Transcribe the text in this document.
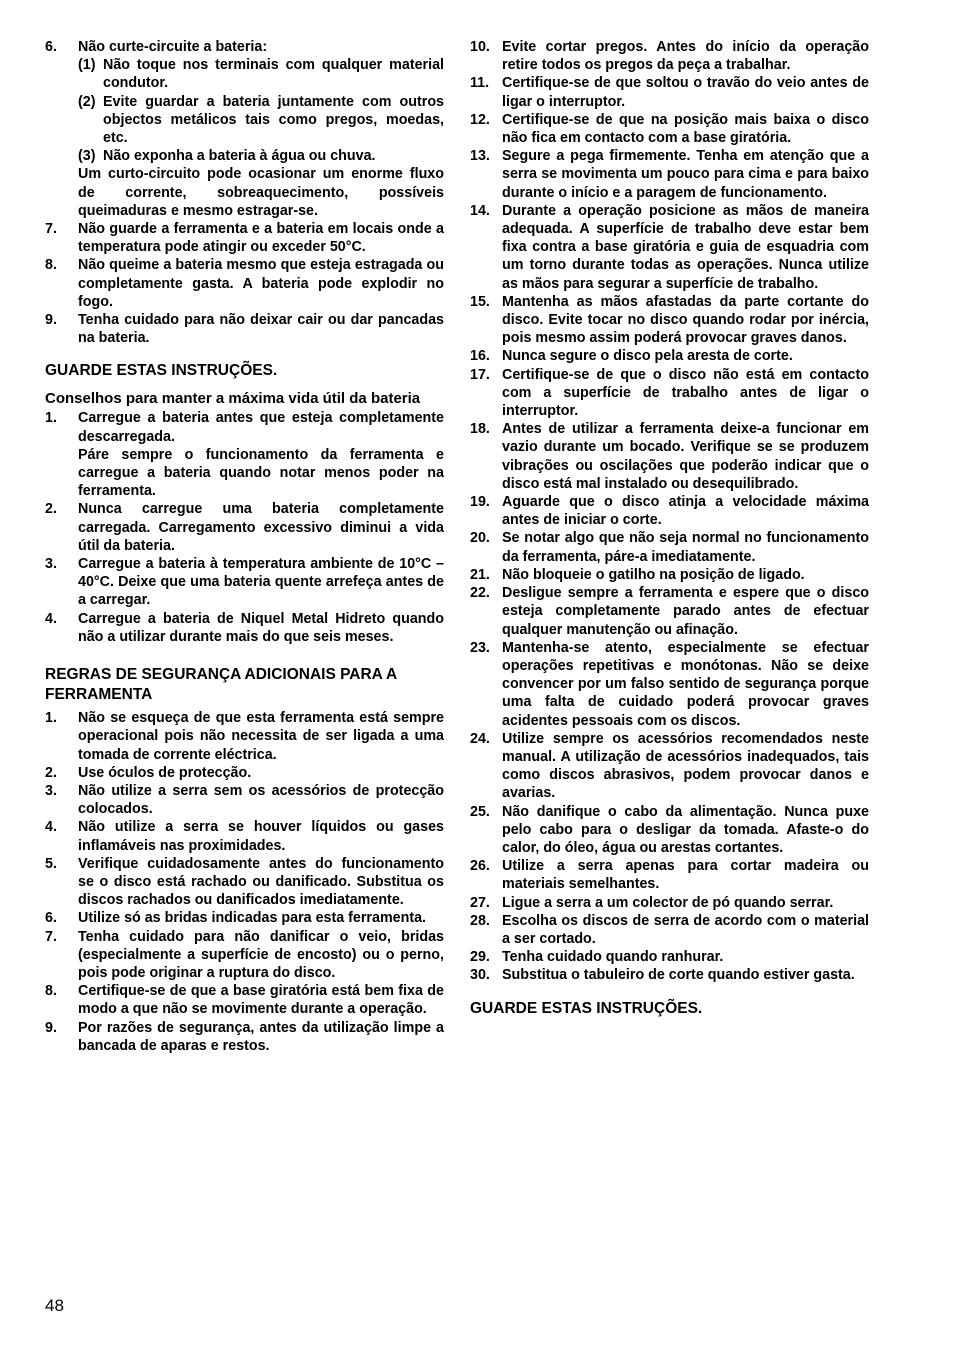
6. Não curte-circuite a bateria:
(1) Não toque nos terminais com qualquer material condutor.
(2) Evite guardar a bateria juntamente com outros objectos metálicos tais como pregos, moedas, etc.
(3) Não exponha a bateria à água ou chuva.
Um curto-circuito pode ocasionar um enorme fluxo de corrente, sobreaquecimento, possíveis queimaduras e mesmo estragar-se.
7. Não guarde a ferramenta e a bateria em locais onde a temperatura pode atingir ou exceder 50°C.
8. Não queime a bateria mesmo que esteja estragada ou completamente gasta. A bateria pode explodir no fogo.
9. Tenha cuidado para não deixar cair ou dar pancadas na bateria.
GUARDE ESTAS INSTRUÇÕES.
Conselhos para manter a máxima vida útil da bateria
1. Carregue a bateria antes que esteja completamente descarregada.
Páre sempre o funcionamento da ferramenta e carregue a bateria quando notar menos poder na ferramenta.
2. Nunca carregue uma bateria completamente carregada. Carregamento excessivo diminui a vida útil da bateria.
3. Carregue a bateria à temperatura ambiente de 10°C – 40°C. Deixe que uma bateria quente arrefeça antes de a carregar.
4. Carregue a bateria de Niquel Metal Hidreto quando não a utilizar durante mais do que seis meses.
REGRAS DE SEGURANÇA ADICIONAIS PARA A FERRAMENTA
1. Não se esqueça de que esta ferramenta está sempre operacional pois não necessita de ser ligada a uma tomada de corrente eléctrica.
2. Use óculos de protecção.
3. Não utilize a serra sem os acessórios de protecção colocados.
4. Não utilize a serra se houver líquidos ou gases inflamáveis nas proximidades.
5. Verifique cuidadosamente antes do funcionamento se o disco está rachado ou danificado. Substitua os discos rachados ou danificados imediatamente.
6. Utilize só as bridas indicadas para esta ferramenta.
7. Tenha cuidado para não danificar o veio, bridas (especialmente a superfície de encosto) ou o perno, pois pode originar a ruptura do disco.
8. Certifique-se de que a base giratória está bem fixa de modo a que não se movimente durante a operação.
9. Por razões de segurança, antes da utilização limpe a bancada de aparas e restos.
10. Evite cortar pregos. Antes do início da operação retire todos os pregos da peça a trabalhar.
11. Certifique-se de que soltou o travão do veio antes de ligar o interruptor.
12. Certifique-se de que na posição mais baixa o disco não fica em contacto com a base giratória.
13. Segure a pega firmemente. Tenha em atenção que a serra se movimenta um pouco para cima e para baixo durante o início e a paragem de funcionamento.
14. Durante a operação posicione as mãos de maneira adequada. A superfície de trabalho deve estar bem fixa contra a base giratória e guia de esquadria com um torno durante todas as operações. Nunca utilize as mãos para segurar a superfície de trabalho.
15. Mantenha as mãos afastadas da parte cortante do disco. Evite tocar no disco quando rodar por inércia, pois mesmo assim poderá provocar graves danos.
16. Nunca segure o disco pela aresta de corte.
17. Certifique-se de que o disco não está em contacto com a superfície de trabalho antes de ligar o interruptor.
18. Antes de utilizar a ferramenta deixe-a funcionar em vazio durante um bocado. Verifique se se produzem vibrações ou oscilações que poderão indicar que o disco está mal instalado ou desequilibrado.
19. Aguarde que o disco atinja a velocidade máxima antes de iniciar o corte.
20. Se notar algo que não seja normal no funcionamento da ferramenta, páre-a imediatamente.
21. Não bloqueie o gatilho na posição de ligado.
22. Desligue sempre a ferramenta e espere que o disco esteja completamente parado antes de efectuar qualquer manutenção ou afinação.
23. Mantenha-se atento, especialmente se efectuar operações repetitivas e monótonas. Não se deixe convencer por um falso sentido de segurança porque uma falta de cuidado poderá provocar graves acidentes pessoais com os discos.
24. Utilize sempre os acessórios recomendados neste manual. A utilização de acessórios inadequados, tais como discos abrasivos, podem provocar danos e avarias.
25. Não danifique o cabo da alimentação. Nunca puxe pelo cabo para o desligar da tomada. Afaste-o do calor, do óleo, água ou arestas cortantes.
26. Utilize a serra apenas para cortar madeira ou materiais semelhantes.
27. Ligue a serra a um colector de pó quando serrar.
28. Escolha os discos de serra de acordo com o material a ser cortado.
29. Tenha cuidado quando ranhurar.
30. Substitua o tabuleiro de corte quando estiver gasta.
GUARDE ESTAS INSTRUÇÕES.
48
